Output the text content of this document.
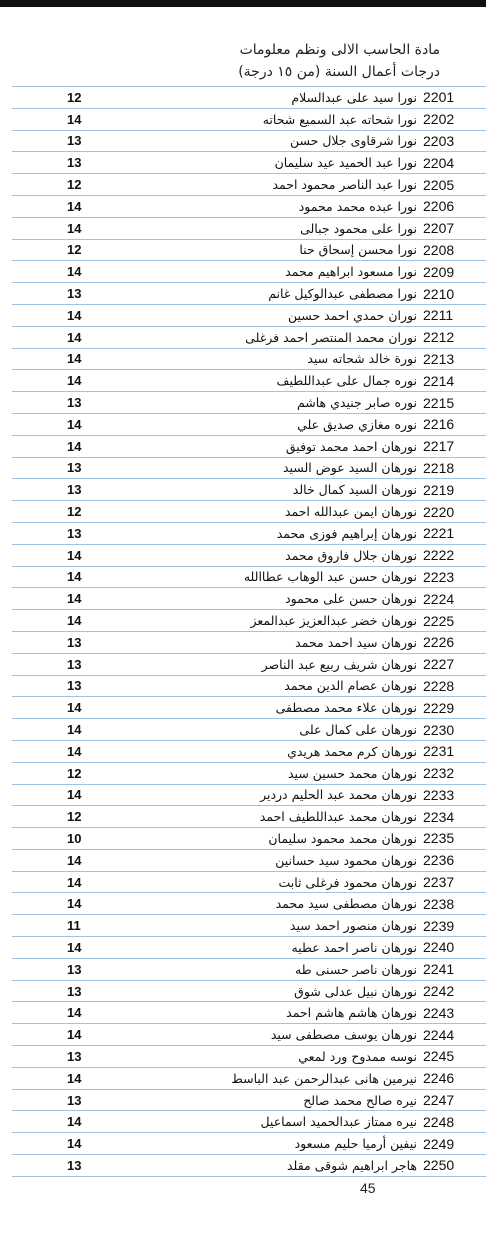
مادة الحاسب الالى ونظم معلومات
درجات أعمال السنة (من ١٥ درجة)
12	نورا سيد على عبدالسلام	2201
14	نورا شحاته عبد السميع شحاته	2202
13	نورا شرقاوى جلال حسن	2203
13	نورا عبد الحميد عيد سليمان	2204
12	نورا عبد الناصر محمود احمد	2205
14	نورا عبده محمد محمود	2206
14	نورا على محمود جبالى	2207
12	نورا محسن إسحاق حنا	2208
14	نورا مسعود ابراهيم محمد	2209
13	نورا مصطفى عبدالوكيل غانم	2210
14	نوران حمدي احمد حسين	2211
14	نوران محمد المنتصر احمد فرغلى	2212
14	نورة خالد شحاته سيد	2213
14	نوره جمال على عبداللطيف	2214
13	نوره صابر جنيدي هاشم	2215
14	نوره مغازي صديق علي	2216
14	نورهان احمد محمد توفيق	2217
13	نورهان السيد عوض السيد	2218
13	نورهان السيد كمال خالد	2219
12	نورهان ايمن عبدالله احمد	2220
13	نورهان إبراهيم فوزى محمد	2221
14	نورهان جلال فاروق محمد	2222
14	نورهان حسن عبد الوهاب عطاالله	2223
14	نورهان حسن على محمود	2224
14	نورهان خضر عبدالعزيز عبدالمعز	2225
13	نورهان سيد احمد محمد	2226
13	نورهان شريف ربيع عبد الناصر	2227
13	نورهان عصام الدين محمد	2228
14	نورهان علاء محمد مصطفى	2229
14	نورهان على كمال على	2230
14	نورهان كرم محمد هريدي	2231
12	نورهان محمد حسين سيد	2232
14	نورهان محمد عبد الحليم دردير	2233
12	نورهان محمد عبداللطيف احمد	2234
10	نورهان محمد محمود سليمان	2235
14	نورهان محمود سيد حسانين	2236
14	نورهان محمود فرغلى ثابت	2237
14	نورهان مصطفى سيد محمد	2238
11	نورهان منصور احمد سيد	2239
14	نورهان ناصر احمد عطيه	2240
13	نورهان ناصر حسنى طه	2241
13	نورهان نبيل عدلى شوق	2242
14	نورهان هاشم هاشم احمد	2243
14	نورهان يوسف مصطفى سيد	2244
13	نوسه ممدوح ورد لمعي	2245
14	نيرمين هانى عبدالرحمن عبد الباسط	2246
13	نيره صالح محمد صالح	2247
14	نيره ممتاز عبدالحميد اسماعيل	2248
14	نيفين أرميا حليم مسعود	2249
13	هاجر ابراهيم شوقى مقلد	2250
45
